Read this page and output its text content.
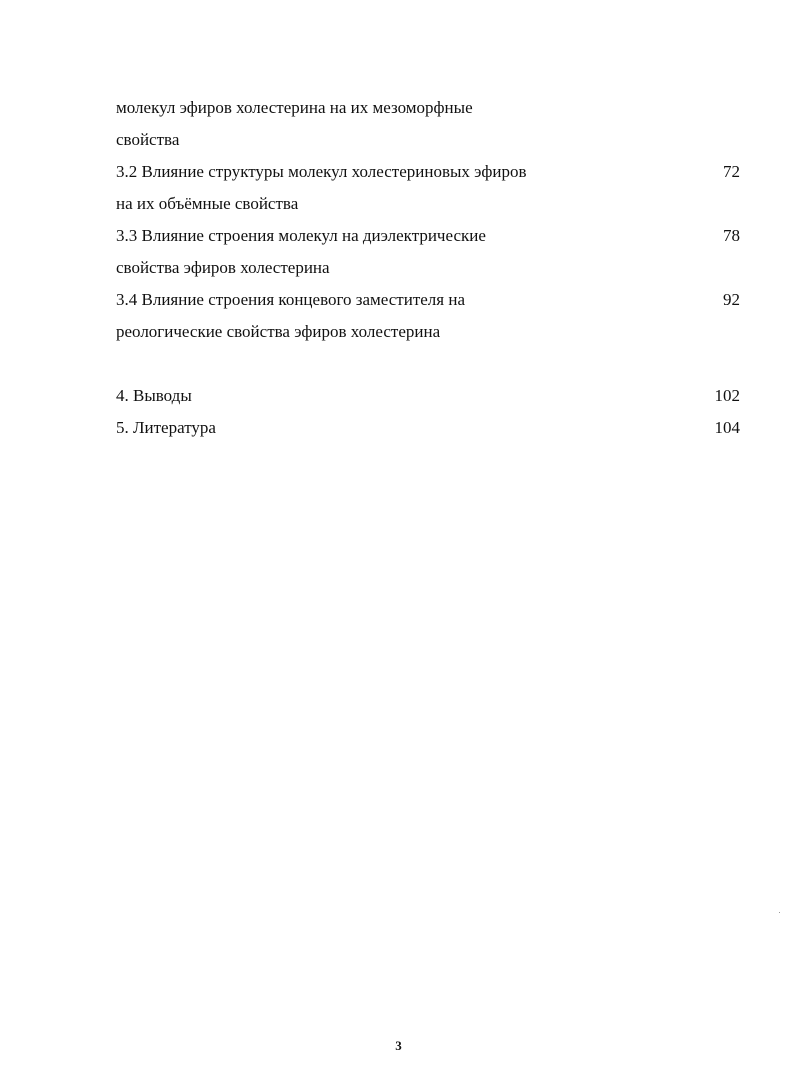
молекул эфиров холестерина на их мезоморфные
свойства
3.2 Влияние структуры молекул холестериновых эфиров	72
на их объёмные свойства
3.3 Влияние строения молекул на диэлектрические	78
свойства эфиров холестерина
3.4 Влияние строения концевого заместителя на	92
реологические свойства эфиров холестерина
4. Выводы	102
5. Литература	104
3
